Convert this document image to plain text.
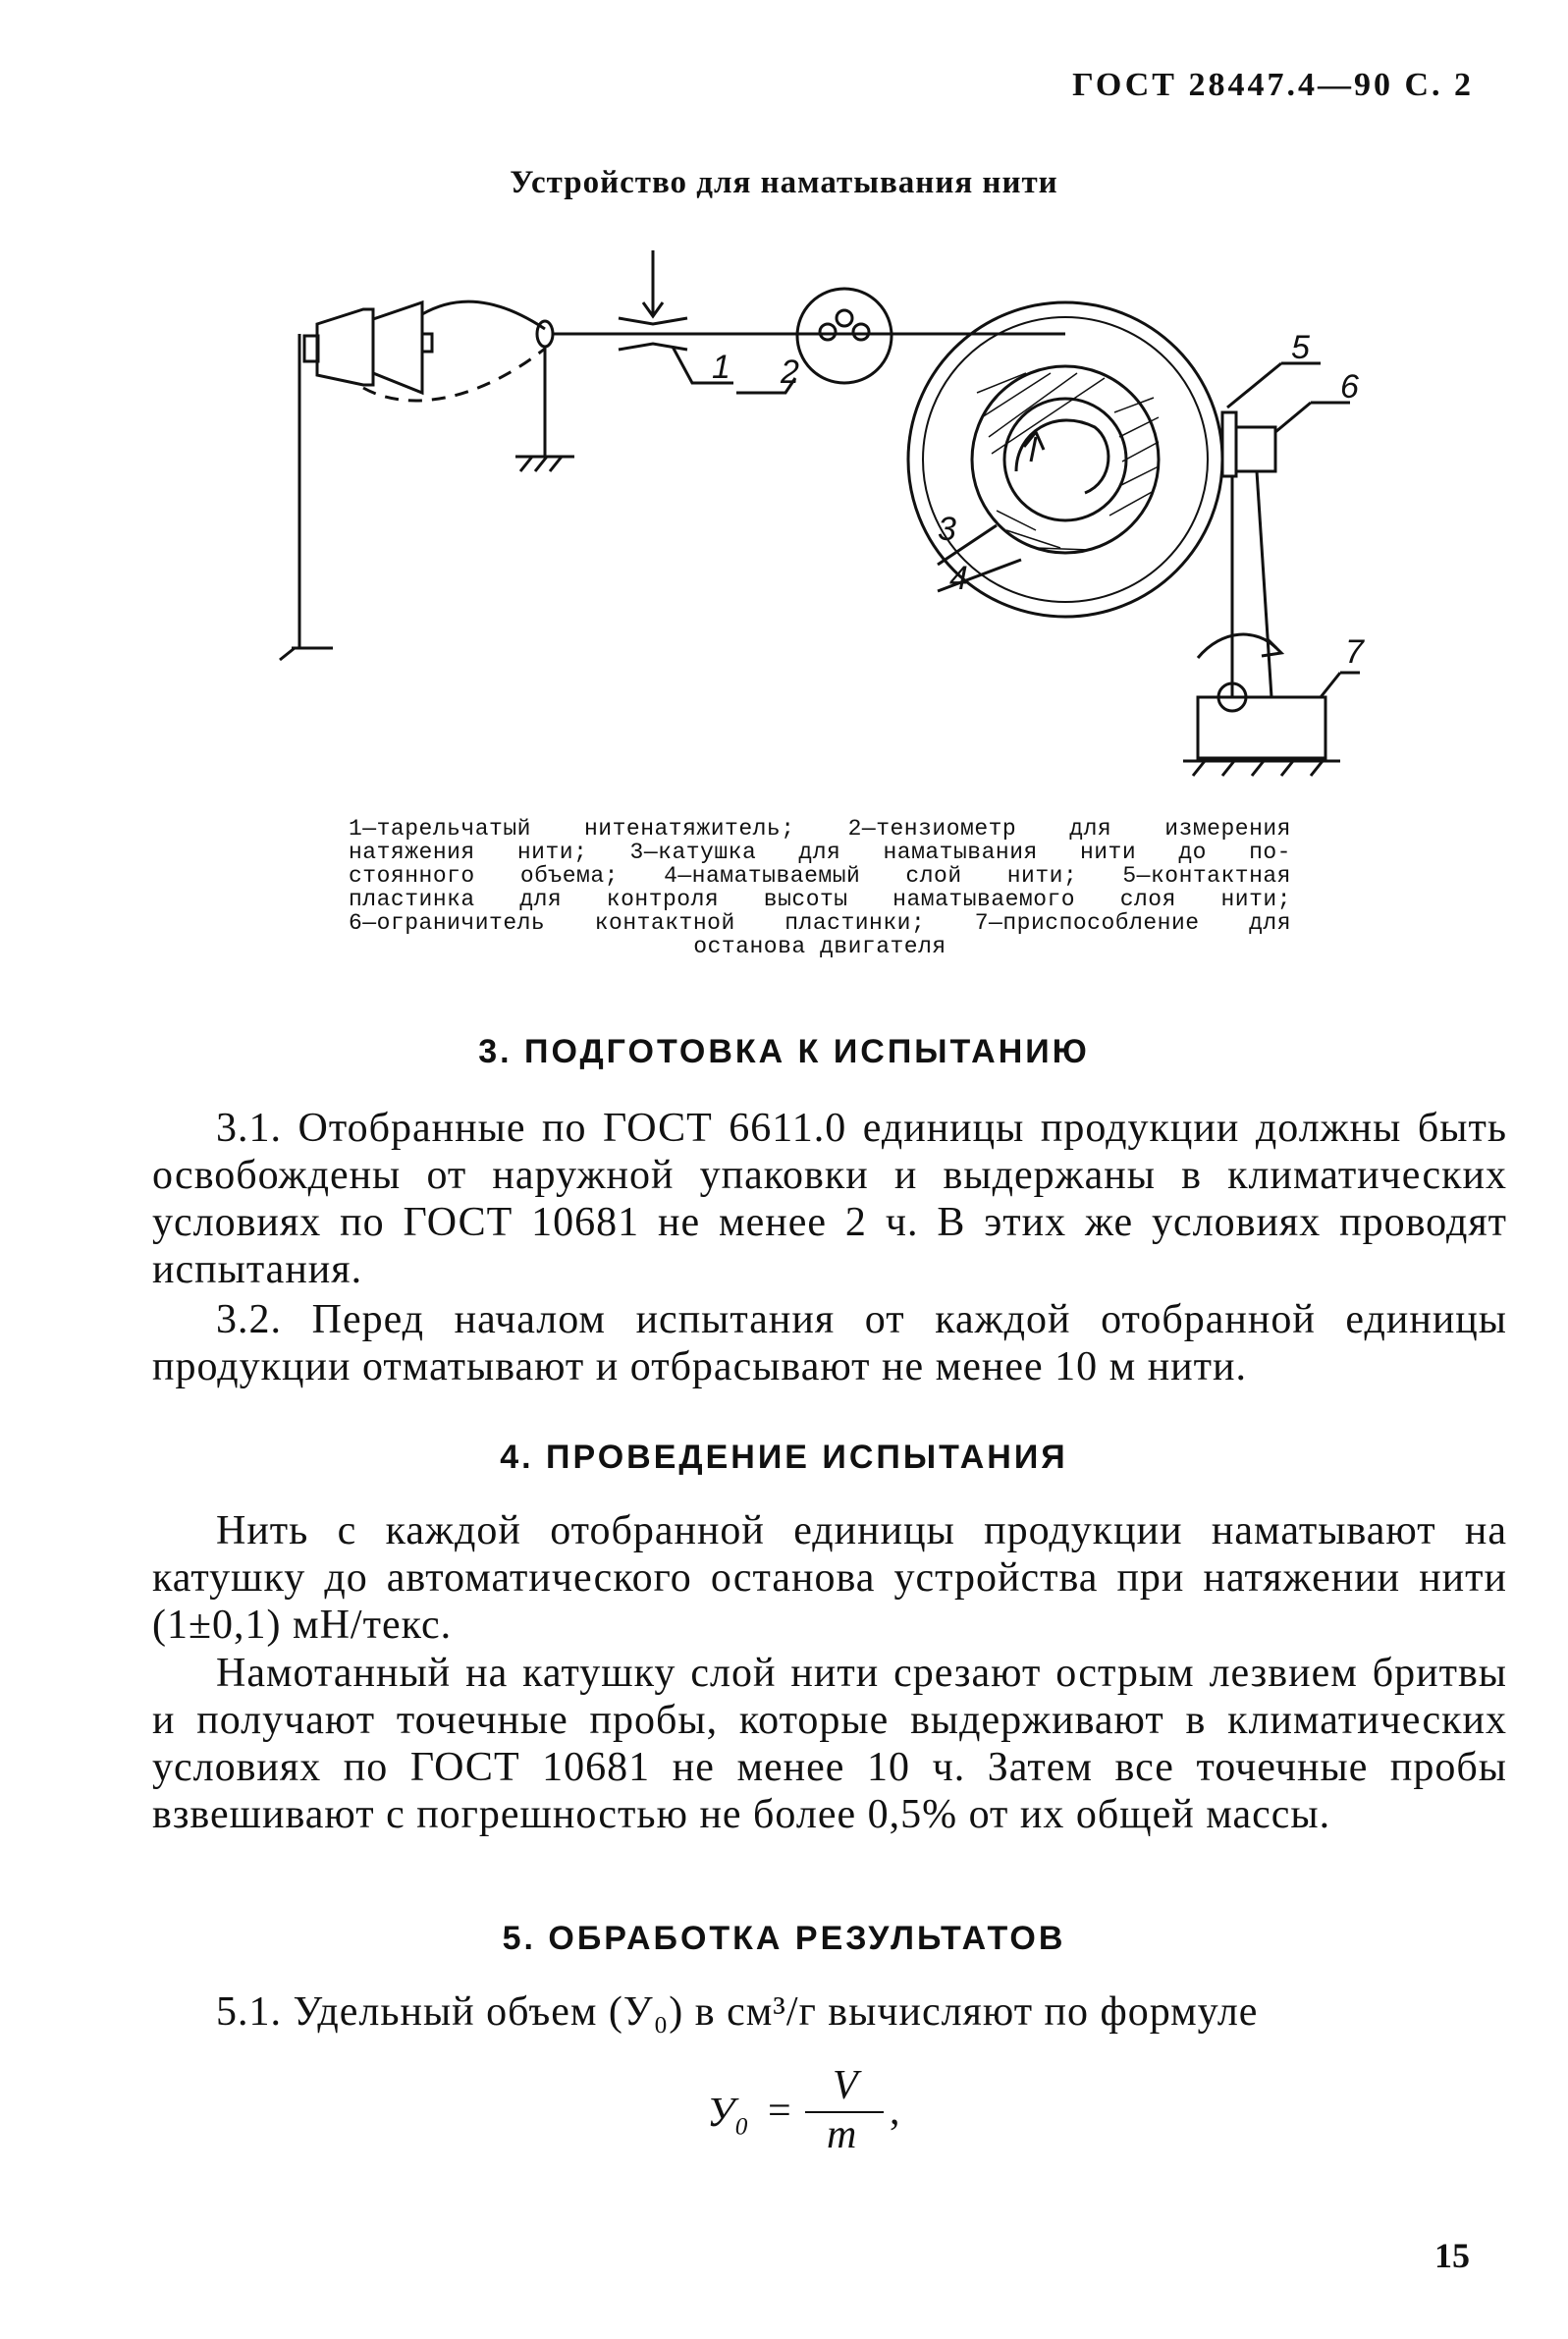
ГОСТ 28447.4—90 С. 2
Устройство для наматывания нити
1 2
3
4
5
6
7
1—тарельчатый нитенатяжитель; 2—тензиометр для измерения
натяжения нити; 3—катушка для наматывания нити до по-
стоянного объема; 4—наматываемый слой нити; 5—контактная
пластинка для контроля высоты наматываемого слоя нити;
6—ограничитель контактной пластинки; 7—приспособление для
останова двигателя
3. ПОДГОТОВКА К ИСПЫТАНИЮ
3.1. Отобранные по ГОСТ 6611.0 единицы продукции должны быть освобождены от наружной упаковки и выдержаны в климатических условиях по ГОСТ 10681 не менее 2 ч. В этих же условиях проводят испытания.
3.2. Перед началом испытания от каждой отобранной единицы продукции отматывают и отбрасывают не менее 10 м нити.
4. ПРОВЕДЕНИЕ ИСПЫТАНИЯ
Нить с каждой отобранной единицы продукции наматывают на катушку до автоматического останова устройства при натяжении нити (1±0,1) мН/текс.
Намотанный на катушку слой нити срезают острым лезвием бритвы и получают точечные пробы, которые выдерживают в климатических условиях по ГОСТ 10681 не менее 10 ч. Затем все точечные пробы взвешивают с погрешностью не более 0,5% от их общей массы.
5. ОБРАБОТКА РЕЗУЛЬТАТОВ
5.1. Удельный объем (У₀) в см³/г вычисляют по формуле
У₀ =
V
m
,
15
